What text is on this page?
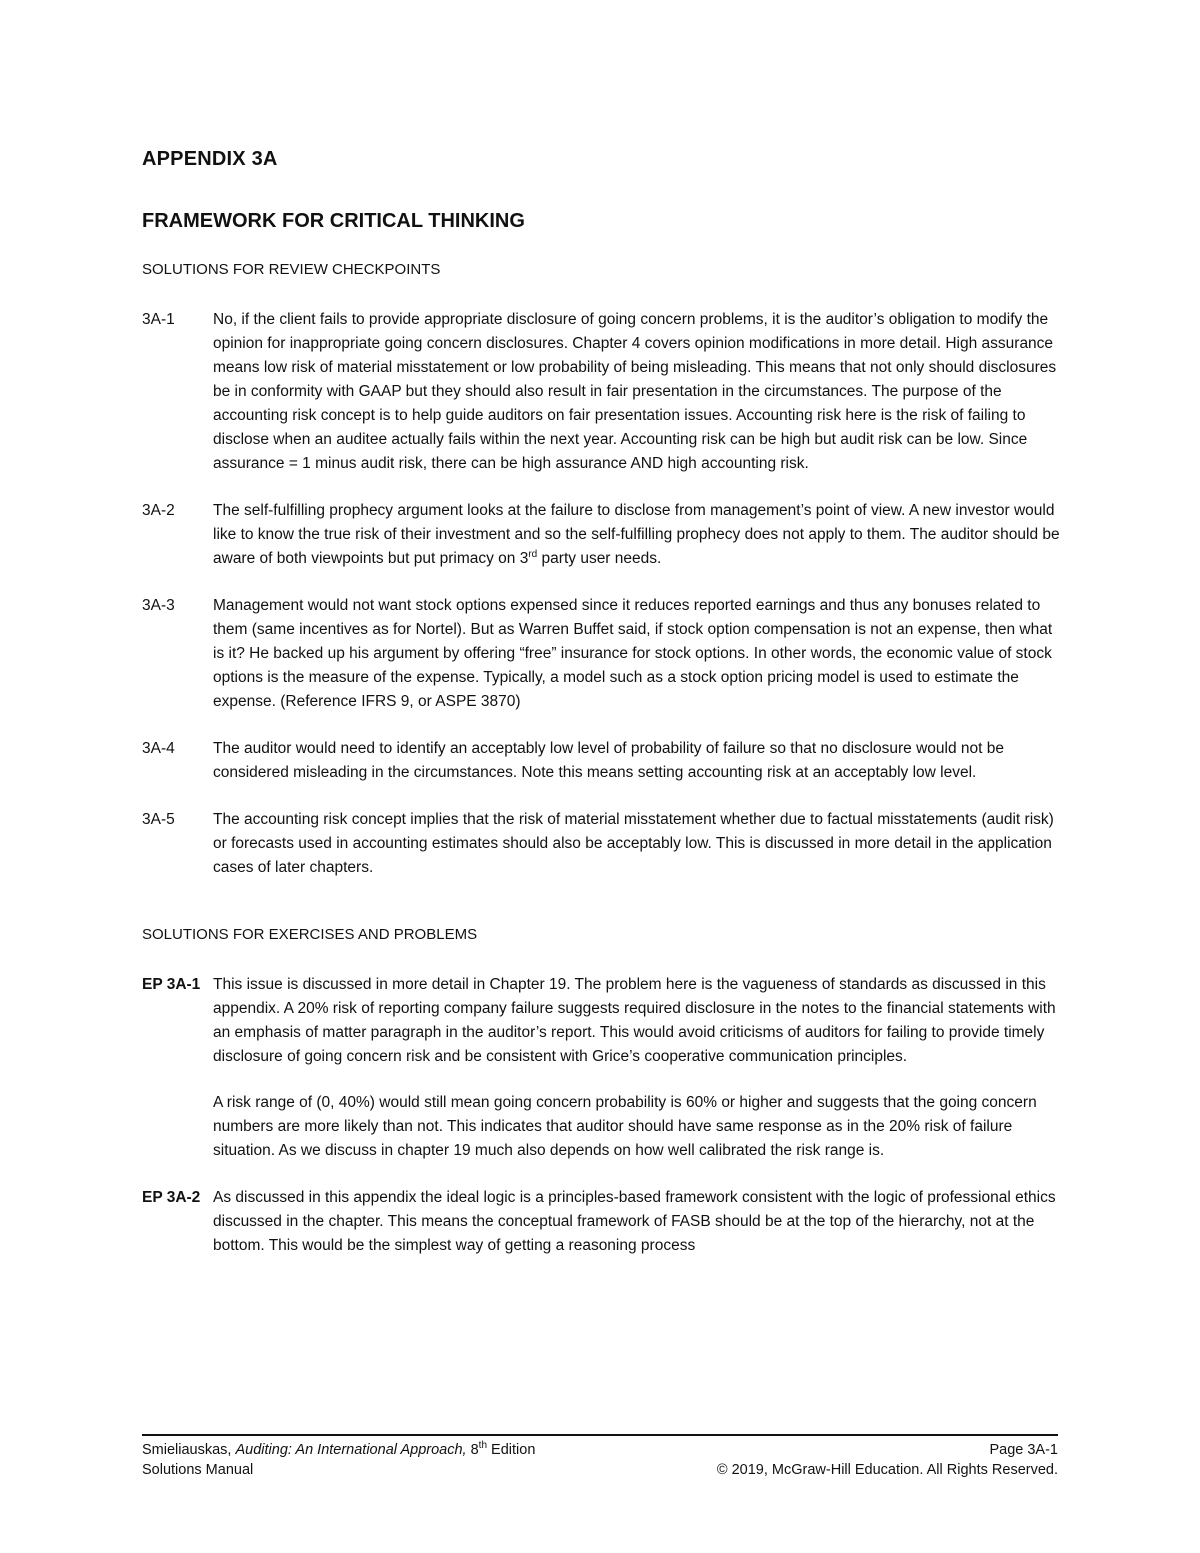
APPENDIX 3A
FRAMEWORK FOR CRITICAL THINKING
SOLUTIONS FOR REVIEW CHECKPOINTS
3A-1	No, if the client fails to provide appropriate disclosure of going concern problems, it is the auditor’s obligation to modify the opinion for inappropriate going concern disclosures. Chapter 4 covers opinion modifications in more detail. High assurance means low risk of material misstatement or low probability of being misleading. This means that not only should disclosures be in conformity with GAAP but they should also result in fair presentation in the circumstances. The purpose of the accounting risk concept is to help guide auditors on fair presentation issues. Accounting risk here is the risk of failing to disclose when an auditee actually fails within the next year. Accounting risk can be high but audit risk can be low. Since assurance = 1 minus audit risk, there can be high assurance AND high accounting risk.
3A-2	The self-fulfilling prophecy argument looks at the failure to disclose from management’s point of view. A new investor would like to know the true risk of their investment and so the self-fulfilling prophecy does not apply to them. The auditor should be aware of both viewpoints but put primacy on 3rd party user needs.
3A-3	Management would not want stock options expensed since it reduces reported earnings and thus any bonuses related to them (same incentives as for Nortel). But as Warren Buffet said, if stock option compensation is not an expense, then what is it? He backed up his argument by offering “free” insurance for stock options. In other words, the economic value of stock options is the measure of the expense. Typically, a model such as a stock option pricing model is used to estimate the expense. (Reference IFRS 9, or ASPE 3870)
3A-4	The auditor would need to identify an acceptably low level of probability of failure so that no disclosure would not be considered misleading in the circumstances. Note this means setting accounting risk at an acceptably low level.
3A-5	The accounting risk concept implies that the risk of material misstatement whether due to factual misstatements (audit risk) or forecasts used in accounting estimates should also be acceptably low. This is discussed in more detail in the application cases of later chapters.
SOLUTIONS FOR EXERCISES AND PROBLEMS
EP 3A-1 This issue is discussed in more detail in Chapter 19. The problem here is the vagueness of standards as discussed in this appendix. A 20% risk of reporting company failure suggests required disclosure in the notes to the financial statements with an emphasis of matter paragraph in the auditor’s report. This would avoid criticisms of auditors for failing to provide timely disclosure of going concern risk and be consistent with Grice’s cooperative communication principles.

A risk range of (0, 40%) would still mean going concern probability is 60% or higher and suggests that the going concern numbers are more likely than not. This indicates that auditor should have same response as in the 20% risk of failure situation. As we discuss in chapter 19 much also depends on how well calibrated the risk range is.

EP 3A-2 As discussed in this appendix the ideal logic is a principles-based framework consistent with the logic of professional ethics discussed in the chapter. This means the conceptual framework of FASB should be at the top of the hierarchy, not at the bottom. This would be the simplest way of getting a reasoning process
Smieliauskas, Auditing: An International Approach, 8th Edition	Page 3A-1
Solutions Manual	© 2019, McGraw-Hill Education. All Rights Reserved.
